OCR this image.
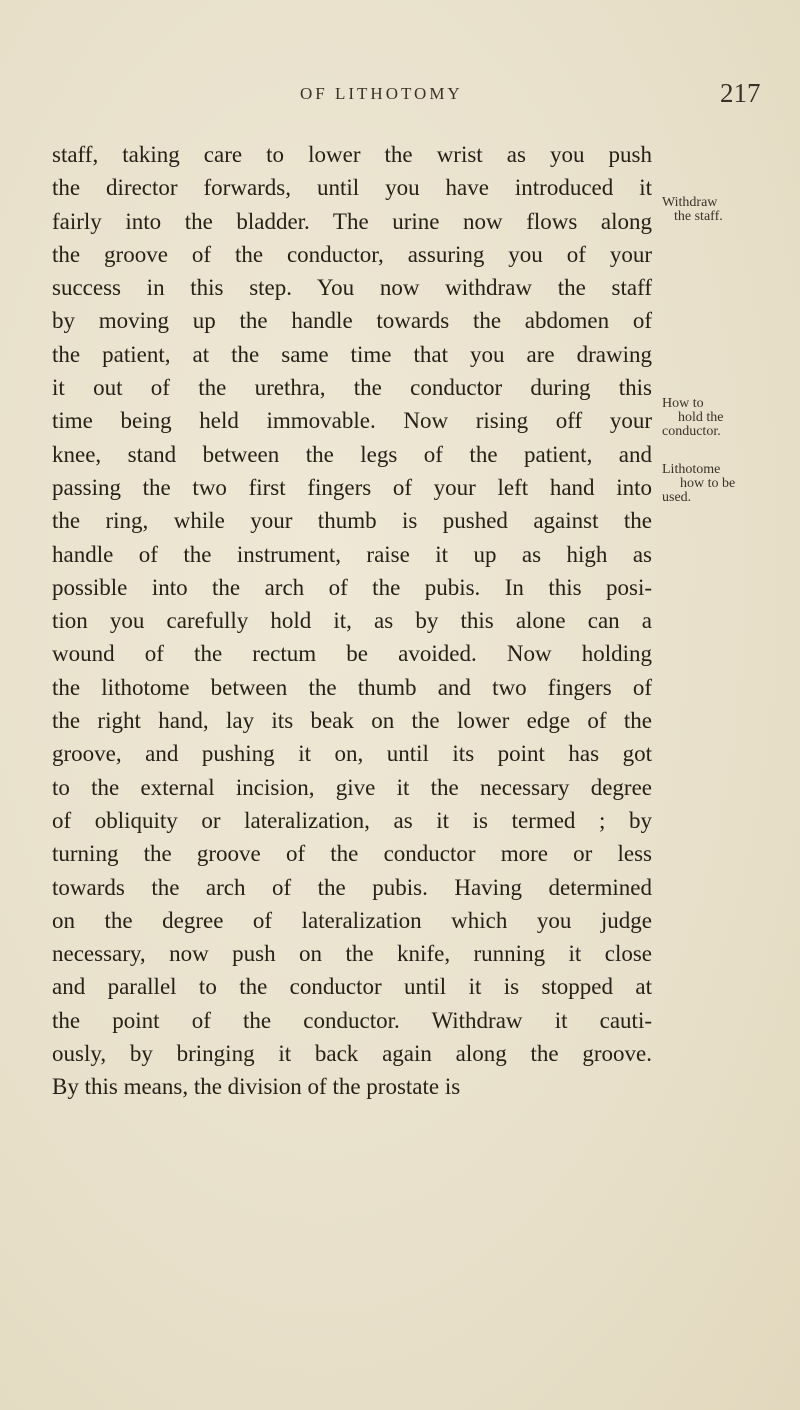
OF LITHOTOMY	217
staff, taking care to lower the wrist as you push
the director forwards, until you have introduced it
fairly into the bladder. The urine now flows along
the groove of the conductor, assuring you of your
success in this step. You now withdraw the staff
by moving up the handle towards the abdomen of
the patient, at the same time that you are drawing
it out of the urethra, the conductor during this
time being held immovable. Now rising off your
knee, stand between the legs of the patient, and
passing the two first fingers of your left hand into
the ring, while your thumb is pushed against the
handle of the instrument, raise it up as high as
possible into the arch of the pubis. In this posi-
tion you carefully hold it, as by this alone can a
wound of the rectum be avoided. Now holding
the lithotome between the thumb and two fingers of
the right hand, lay its beak on the lower edge of the
groove, and pushing it on, until its point has got
to the external incision, give it the necessary degree
of obliquity or lateralization, as it is termed ; by
turning the groove of the conductor more or less
towards the arch of the pubis. Having determined
on the degree of lateralization which you judge
necessary, now push on the knife, running it close
and parallel to the conductor until it is stopped at
the point of the conductor. Withdraw it cauti-
ously, by bringing it back again along the groove.
By this means, the division of the prostate is
Withdraw
the staff.
How to
hold the
conductor.
Lithotome
how to be
used.
